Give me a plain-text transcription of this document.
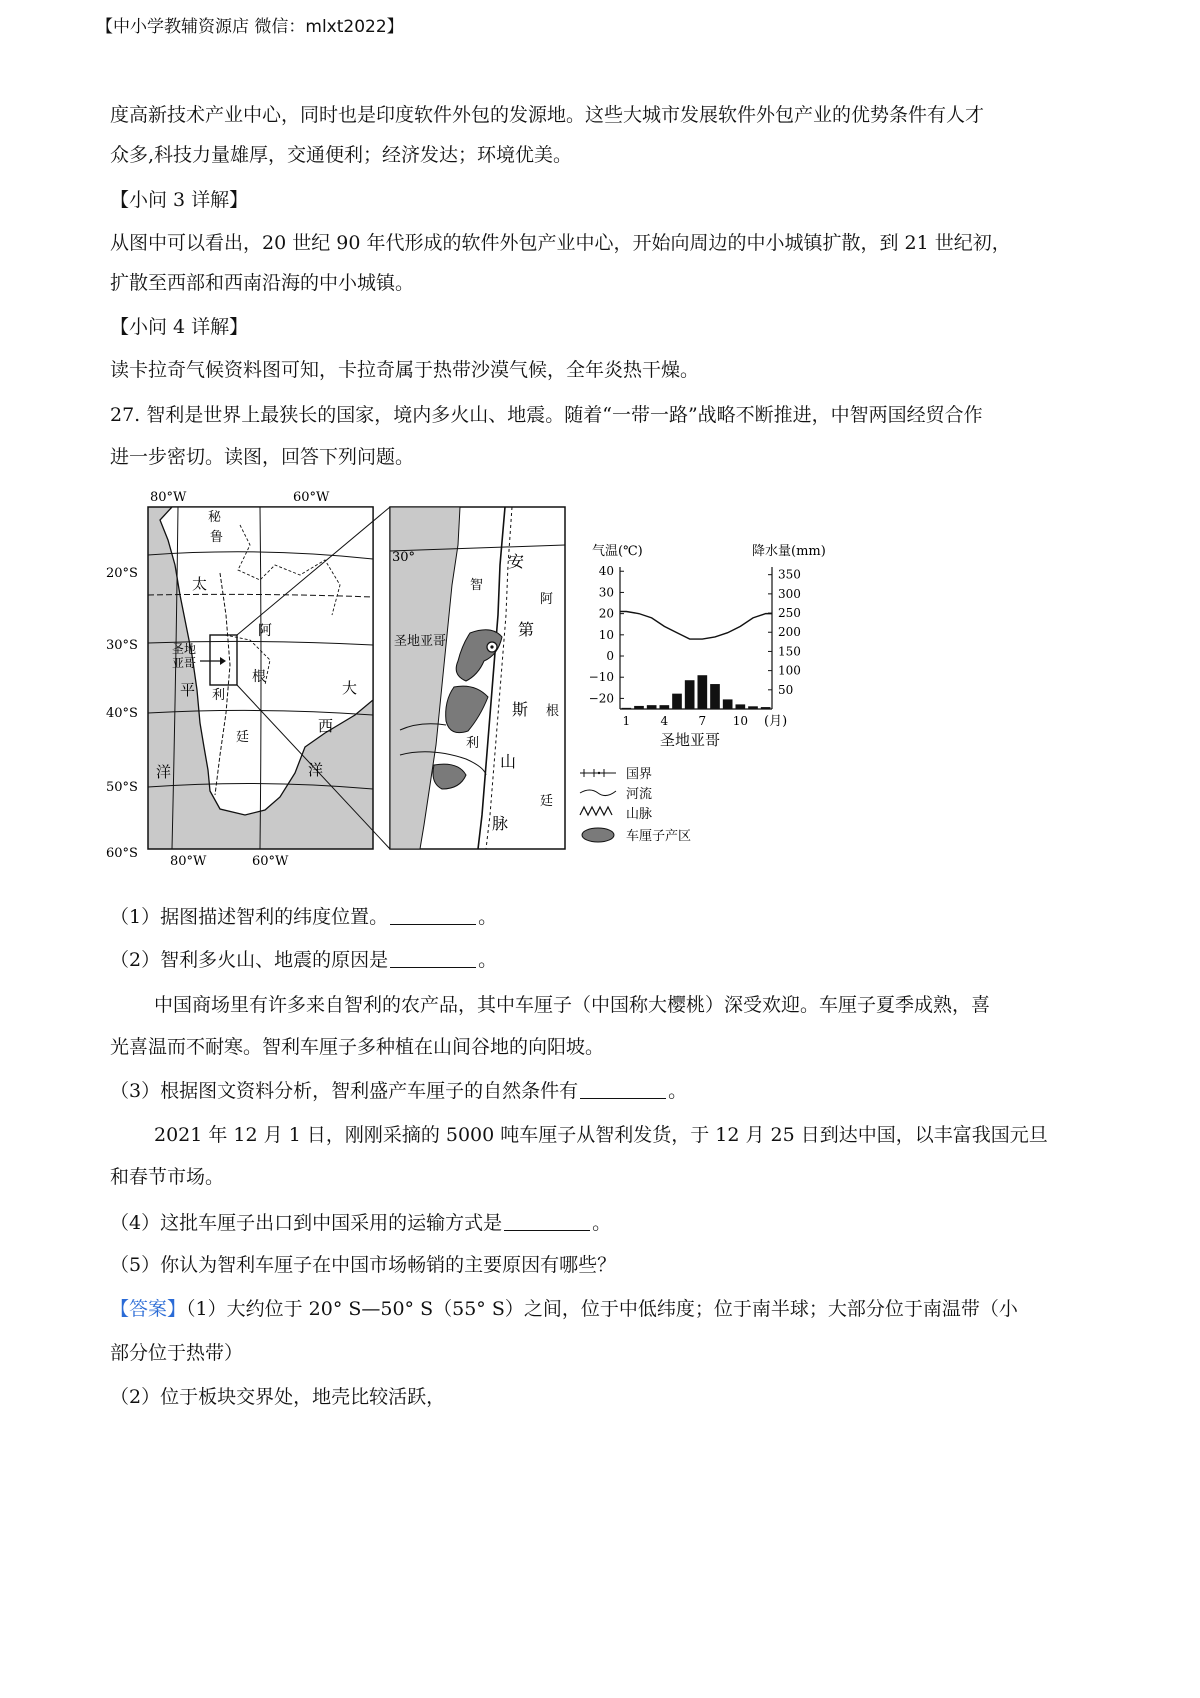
【中小学教辅资源店 微信：mlxt2022】

度高新技术产业中心，同时也是印度软件外包的发源地。这些大城市发展软件外包产业的优势条件有人才

众多,科技力量雄厚，交通便利；经济发达；环境优美。

【小问 3 详解】

从图中可以看出，20 世纪 90 年代形成的软件外包产业中心，开始向周边的中小城镇扩散，到 21 世纪初，

扩散至西部和西南沿海的中小城镇。

【小问 4 详解】

读卡拉奇气候资料图可知，卡拉奇属于热带沙漠气候，全年炎热干燥。

27. 智利是世界上最狭长的国家，境内多火山、地震。随着“一带一路”战略不断推进，中智两国经贸合作

进一步密切。读图，回答下列问题。

80°W	60°W
20°S
30°S
40°S
50°S
60°S
80°W	60°W
秘
鲁
太
阿
圣地
亚哥
根
大
平 利
西
廷
洋	洋
30°
圣地亚哥
智
安
阿
第
斯 根
利
山
廷
脉
气温(℃)	降水量(mm)
40
30
20
10
0
−10
−20
350
300
250
200
150
100
50
1	4	7 10 (月)
圣地亚哥
国界
河流
山脉
车厘子产区

（1）据图描述智利的纬度位置。	。

（2）智利多火山、地震的原因是	。

中国商场里有许多来自智利的农产品，其中车厘子（中国称大樱桃）深受欢迎。车厘子夏季成熟，喜

光喜温而不耐寒。智利车厘子多种植在山间谷地的向阳坡。

（3）根据图文资料分析，智利盛产车厘子的自然条件有	。

2021 年 12 月 1 日，刚刚采摘的 5000 吨车厘子从智利发货，于 12 月 25 日到达中国，以丰富我国元旦

和春节市场。

（4）这批车厘子出口到中国采用的运输方式是	。

（5）你认为智利车厘子在中国市场畅销的主要原因有哪些？

【答案】（1）大约位于 20° S—50° S（55° S）之间，位于中低纬度；位于南半球；大部分位于南温带（小

部分位于热带）

（2）位于板块交界处，地壳比较活跃，
